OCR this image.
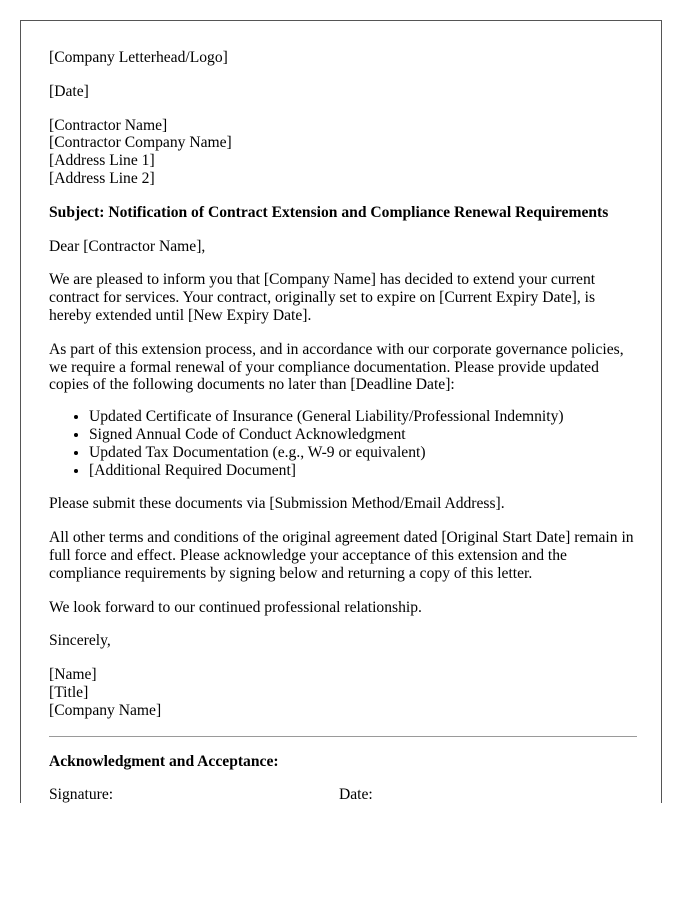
[Company Letterhead/Logo]

[Date]

[Contractor Name]
[Contractor Company Name]
[Address Line 1]
[Address Line 2]

Subject: Notification of Contract Extension and Compliance Renewal Requirements

Dear [Contractor Name],

We are pleased to inform you that [Company Name] has decided to extend your current contract for services. Your contract, originally set to expire on [Current Expiry Date], is hereby extended until [New Expiry Date].

As part of this extension process, and in accordance with our corporate governance policies, we require a formal renewal of your compliance documentation. Please provide updated copies of the following documents no later than [Deadline Date]:

• Updated Certificate of Insurance (General Liability/Professional Indemnity)
• Signed Annual Code of Conduct Acknowledgment
• Updated Tax Documentation (e.g., W-9 or equivalent)
• [Additional Required Document]

Please submit these documents via [Submission Method/Email Address].

All other terms and conditions of the original agreement dated [Original Start Date] remain in full force and effect. Please acknowledge your acceptance of this extension and the compliance requirements by signing below and returning a copy of this letter.

We look forward to our continued professional relationship.

Sincerely,

[Name]
[Title]
[Company Name]

Acknowledgment and Acceptance:

Signature:	Date:
